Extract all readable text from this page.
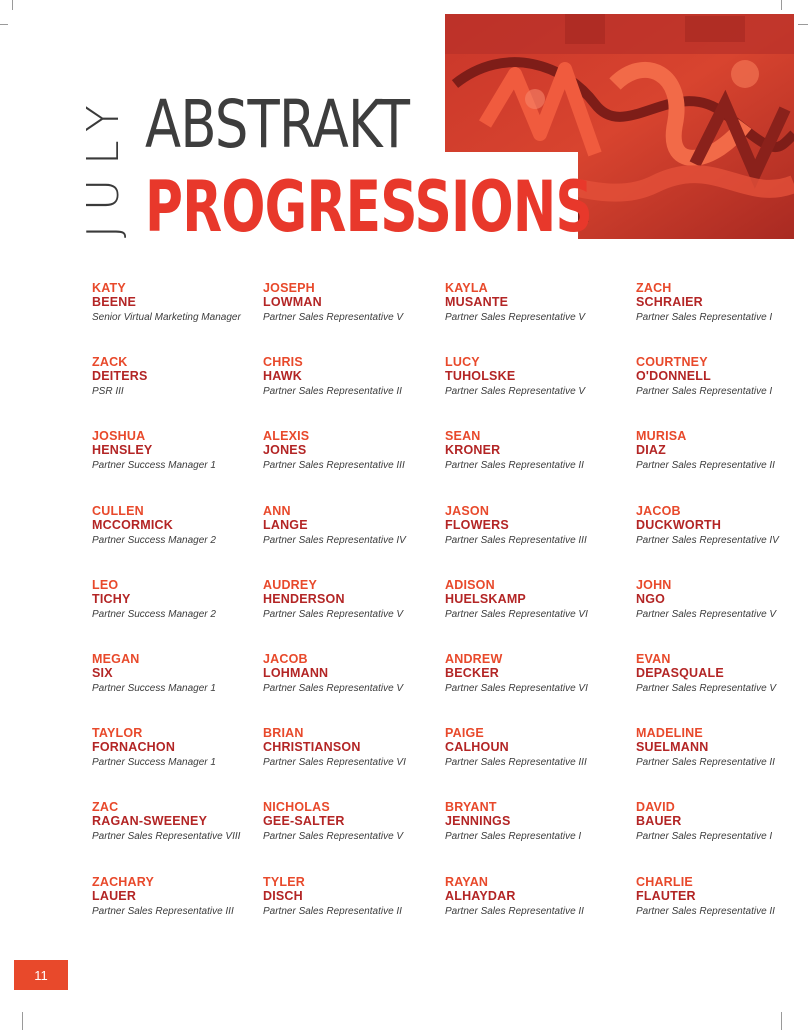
JULY ABSTRAKT
PROGRESSIONS
KATY
BEENE
Senior Virtual Marketing Manager
ZACK
DEITERS
PSR III
JOSHUA
HENSLEY
Partner Success Manager 1
CULLEN
MCCORMICK
Partner Success Manager 2
LEO
TICHY
Partner Success Manager 2
MEGAN
SIX
Partner Success Manager 1
TAYLOR
FORNACHON
Partner Success Manager 1
ZAC
RAGAN-SWEENEY
Partner Sales Representative VIII
ZACHARY
LAUER
Partner Sales Representative III
JOSEPH
LOWMAN
Partner Sales Representative V
CHRIS
HAWK
Partner Sales Representative II
ALEXIS
JONES
Partner Sales Representative III
ANN
LANGE
Partner Sales Representative IV
AUDREY
HENDERSON
Partner Sales Representative V
JACOB
LOHMANN
Partner Sales Representative V
BRIAN
CHRISTIANSON
Partner Sales Representative VI
NICHOLAS
GEE-SALTER
Partner Sales Representative V
TYLER
DISCH
Partner Sales Representative II
KAYLA
MUSANTE
Partner Sales Representative V
LUCY
TUHOLSKE
Partner Sales Representative V
SEAN
KRONER
Partner Sales Representative II
JASON
FLOWERS
Partner Sales Representative III
ADISON
HUELSKAMP
Partner Sales Representative VI
ANDREW
BECKER
Partner Sales Representative VI
PAIGE
CALHOUN
Partner Sales Representative III
BRYANT
JENNINGS
Partner Sales Representative I
RAYAN
ALHAYDAR
Partner Sales Representative II
ZACH
SCHRAIER
Partner Sales Representative I
COURTNEY
O'DONNELL
Partner Sales Representative I
MURISA
DIAZ
Partner Sales Representative II
JACOB
DUCKWORTH
Partner Sales Representative IV
JOHN
NGO
Partner Sales Representative V
EVAN
DEPASQUALE
Partner Sales Representative V
MADELINE
SUELMANN
Partner Sales Representative II
DAVID
BAUER
Partner Sales Representative I
CHARLIE
FLAUTER
Partner Sales Representative II
11
